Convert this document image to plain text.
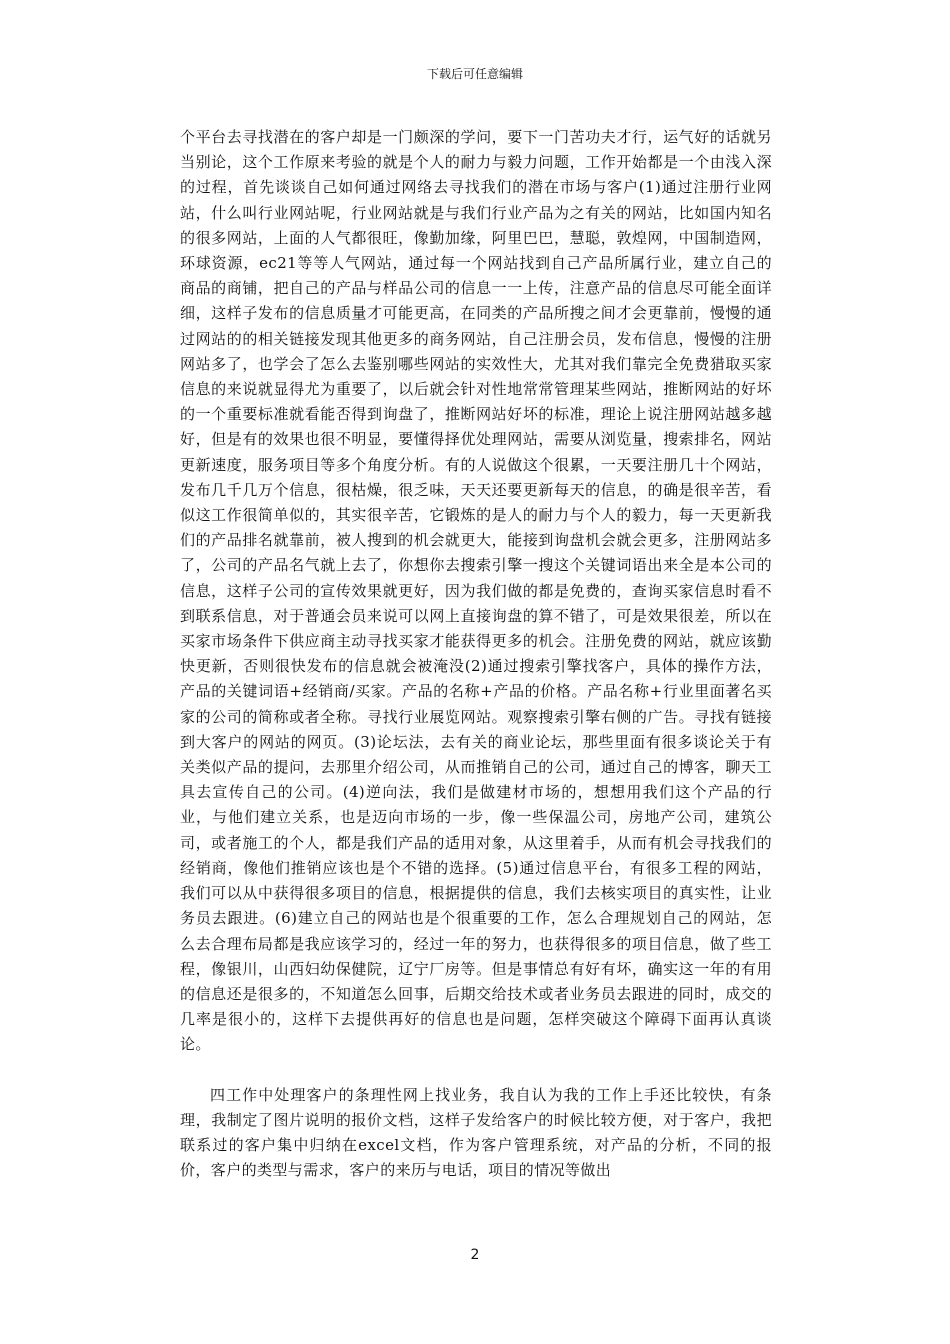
下载后可任意编辑

个平台去寻找潜在的客户却是一门颇深的学问，要下一门苦功夫才行，运气好的话就另当别论，这个工作原来考验的就是个人的耐力与毅力问题，工作开始都是一个由浅入深的过程，首先谈谈自己如何通过网络去寻找我们的潜在市场与客户(1)通过注册行业网站，什么叫行业网站呢，行业网站就是与我们行业产品为之有关的网站，比如国内知名的很多网站，上面的人气都很旺，像勤加缘，阿里巴巴，慧聪，敦煌网，中国制造网，环球资源，ec21等等人气网站，通过每一个网站找到自己产品所属行业，建立自己的商品的商铺，把自己的产品与样品公司的信息一一上传，注意产品的信息尽可能全面详细，这样子发布的信息质量才可能更高，在同类的产品所搜之间才会更靠前，慢慢的通过网站的的相关链接发现其他更多的商务网站，自己注册会员，发布信息，慢慢的注册网站多了，也学会了怎么去鉴别哪些网站的实效性大，尤其对我们靠完全免费猎取买家信息的来说就显得尤为重要了，以后就会针对性地常常管理某些网站，推断网站的好坏的一个重要标准就看能否得到询盘了，推断网站好坏的标准，理论上说注册网站越多越好，但是有的效果也很不明显，要懂得择优处理网站，需要从浏览量，搜索排名，网站更新速度，服务项目等多个角度分析。有的人说做这个很累，一天要注册几十个网站，发布几千几万个信息，很枯燥，很乏味，天天还要更新每天的信息，的确是很辛苦，看似这工作很简单似的，其实很辛苦，它锻炼的是人的耐力与个人的毅力，每一天更新我们的产品排名就靠前，被人搜到的机会就更大，能接到询盘机会就会更多，注册网站多了，公司的产品名气就上去了，你想你去搜索引擎一搜这个关键词语出来全是本公司的信息，这样子公司的宣传效果就更好，因为我们做的都是免费的，查询买家信息时看不到联系信息，对于普通会员来说可以网上直接询盘的算不错了，可是效果很差，所以在买家市场条件下供应商主动寻找买家才能获得更多的机会。注册免费的网站，就应该勤快更新，否则很快发布的信息就会被淹没(2)通过搜索引擎找客户，具体的操作方法，产品的关键词语+经销商/买家。产品的名称+产品的价格。产品名称+行业里面著名买家的公司的简称或者全称。寻找行业展览网站。观察搜索引擎右侧的广告。寻找有链接到大客户的网站的网页。(3)论坛法，去有关的商业论坛，那些里面有很多谈论关于有关类似产品的提问，去那里介绍公司，从而推销自己的公司，通过自己的博客，聊天工具去宣传自己的公司。(4)逆向法，我们是做建材市场的，想想用我们这个产品的行业，与他们建立关系，也是迈向市场的一步，像一些保温公司，房地产公司，建筑公司，或者施工的个人，都是我们产品的适用对象，从这里着手，从而有机会寻找我们的经销商，像他们推销应该也是个不错的选择。(5)通过信息平台，有很多工程的网站，我们可以从中获得很多项目的信息，根据提供的信息，我们去核实项目的真实性，让业务员去跟进。(6)建立自己的网站也是个很重要的工作，怎么合理规划自己的网站，怎么去合理布局都是我应该学习的，经过一年的努力，也获得很多的项目信息，做了些工程，像银川，山西妇幼保健院，辽宁厂房等。但是事情总有好有坏，确实这一年的有用的信息还是很多的，不知道怎么回事，后期交给技术或者业务员去跟进的同时，成交的几率是很小的，这样下去提供再好的信息也是问题，怎样突破这个障碍下面再认真谈论。

四工作中处理客户的条理性网上找业务，我自认为我的工作上手还比较快，有条理，我制定了图片说明的报价文档，这样子发给客户的时候比较方便，对于客户，我把联系过的客户集中归纳在excel文档，作为客户管理系统，对产品的分析，不同的报价，客户的类型与需求，客户的来历与电话，项目的情况等做出

2
